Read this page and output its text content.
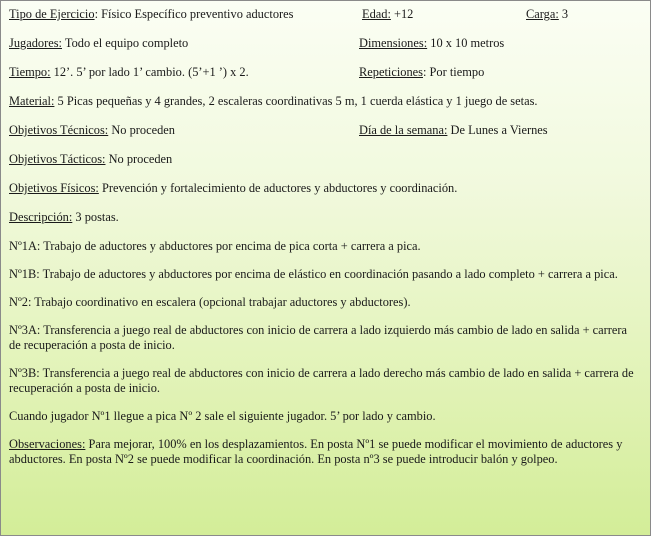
Tipo de Ejercicio: Físico Específico preventivo aductores	Edad: +12	Carga: 3
Jugadores: Todo el equipo completo	Dimensiones: 10 x 10 metros
Tiempo: 12’. 5’ por lado 1’ cambio. (5’+1 ’) x 2.	Repeticiones: Por tiempo
Material: 5 Picas pequeñas y 4 grandes, 2 escaleras coordinativas 5 m, 1 cuerda elástica y 1 juego de setas.
Objetivos Técnicos: No proceden	Día de la semana: De Lunes a Viernes
Objetivos Tácticos: No proceden
Objetivos Físicos: Prevención y fortalecimiento de aductores y abductores y coordinación.
Descripción: 3 postas.

Nº1A: Trabajo de aductores y abductores por encima de pica corta + carrera a pica.

Nº1B: Trabajo de aductores y abductores por encima de elástico en coordinación pasando a lado completo + carrera a pica.

Nº2: Trabajo coordinativo en escalera (opcional trabajar aductores y abductores).

Nº3A: Transferencia a juego real de abductores con inicio de carrera a lado izquierdo más cambio de lado en salida + carrera de recuperación a posta de inicio.

Nº3B: Transferencia a juego real de abductores con inicio de carrera a lado derecho más cambio de lado en salida + carrera de recuperación a posta de inicio.

Cuando jugador Nº1 llegue a pica Nº 2 sale el siguiente jugador. 5’ por lado y cambio.

Observaciones: Para mejorar, 100% en los desplazamientos. En posta Nº1 se puede modificar el movimiento de aductores y abductores. En posta Nº2 se puede modificar la coordinación. En posta nº3 se puede introducir balón y golpeo.
